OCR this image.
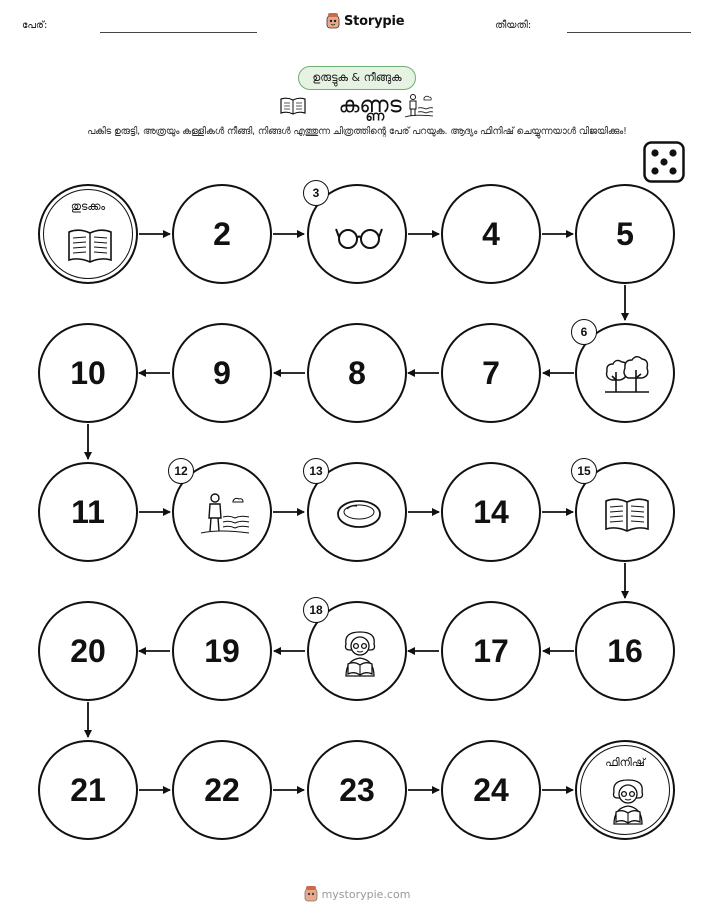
പേര്:	Storypie	തീയതി:
ഉരുട്ടുക & നീങ്ങുക
കണ്ണട
പകിട ഉരുട്ടി, അത്രയും കള്ളികൾ നീങ്ങി, നിങ്ങൾ എത്തുന്ന ചിത്രത്തിന്റെ പേര് പറയുക. ആദ്യം ഫിനിഷ് ചെയ്യുന്നയാൾ വിജയിക്കും!
തുടക്കം
2
3
4	5
6
7
8
9
10
11
12	13
14
15
16
17
18
19
20
21	22	23	24
ഫിനിഷ്
mystorypie.com
